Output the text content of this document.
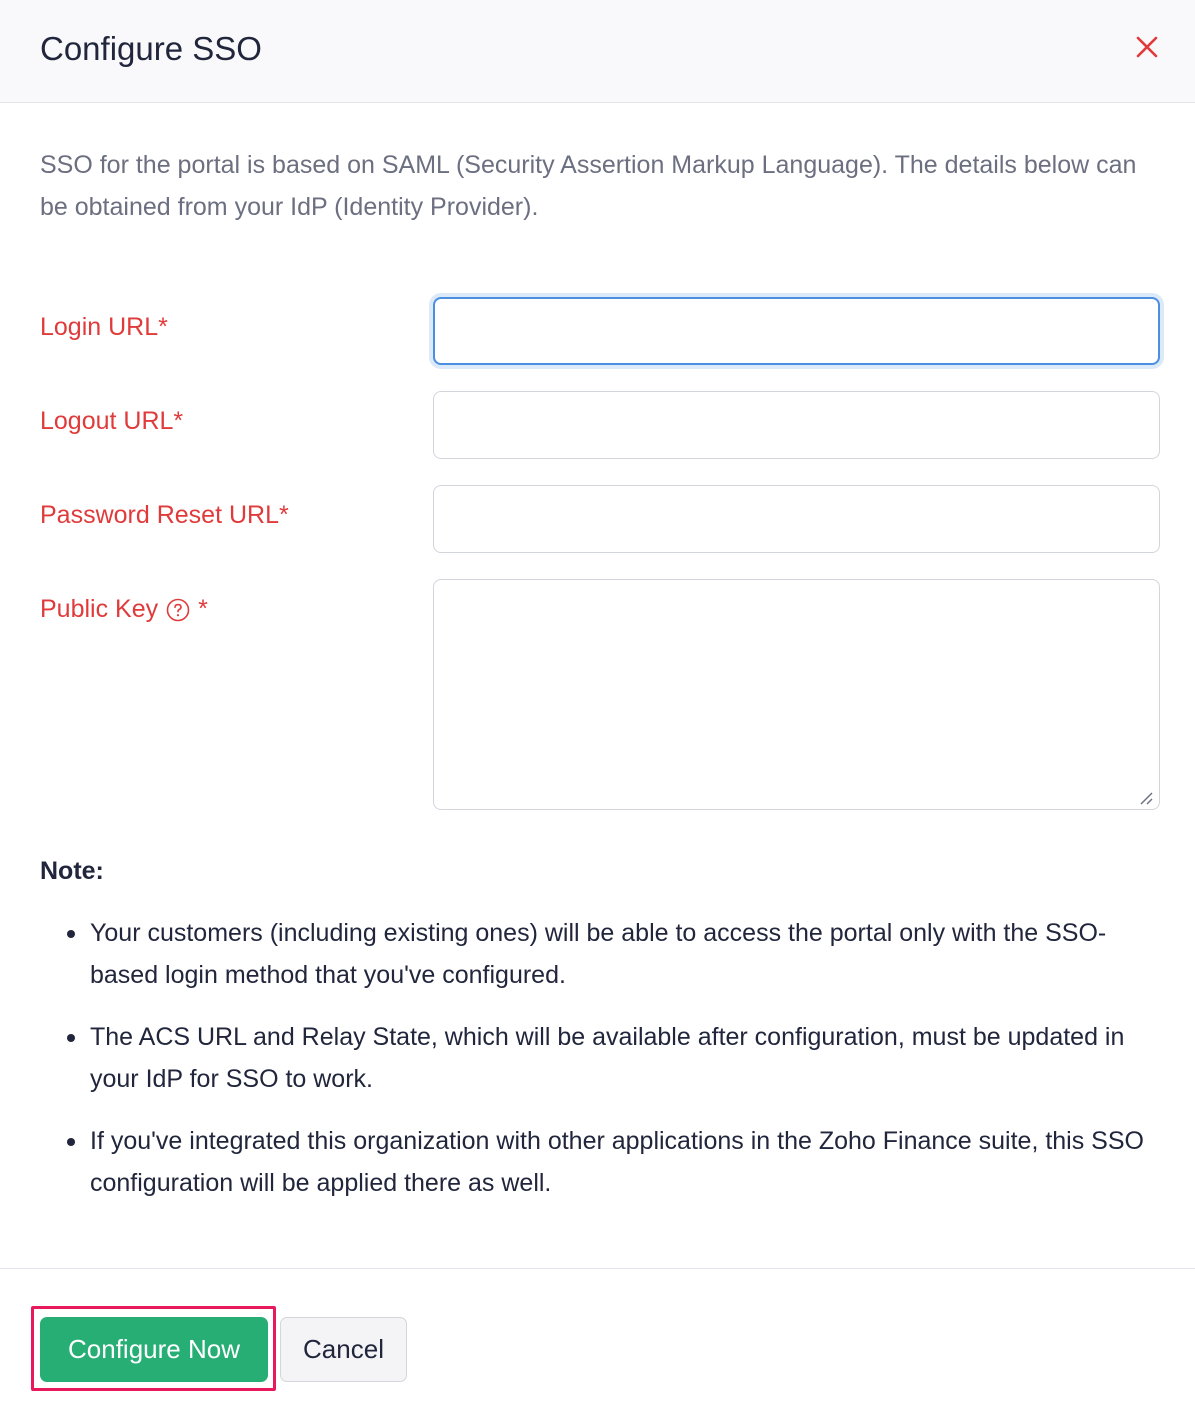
Configure SSO

SSO for the portal is based on SAML (Security Assertion Markup Language). The details below can be obtained from your IdP (Identity Provider).

Login URL*
Logout URL*
Password Reset URL*
Public Key *
Note:
Your customers (including existing ones) will be able to access the portal only with the SSO-based login method that you've configured.
The ACS URL and Relay State, which will be available after configuration, must be updated in your IdP for SSO to work.
If you've integrated this organization with other applications in the Zoho Finance suite, this SSO configuration will be applied there as well.
Configure Now	Cancel
